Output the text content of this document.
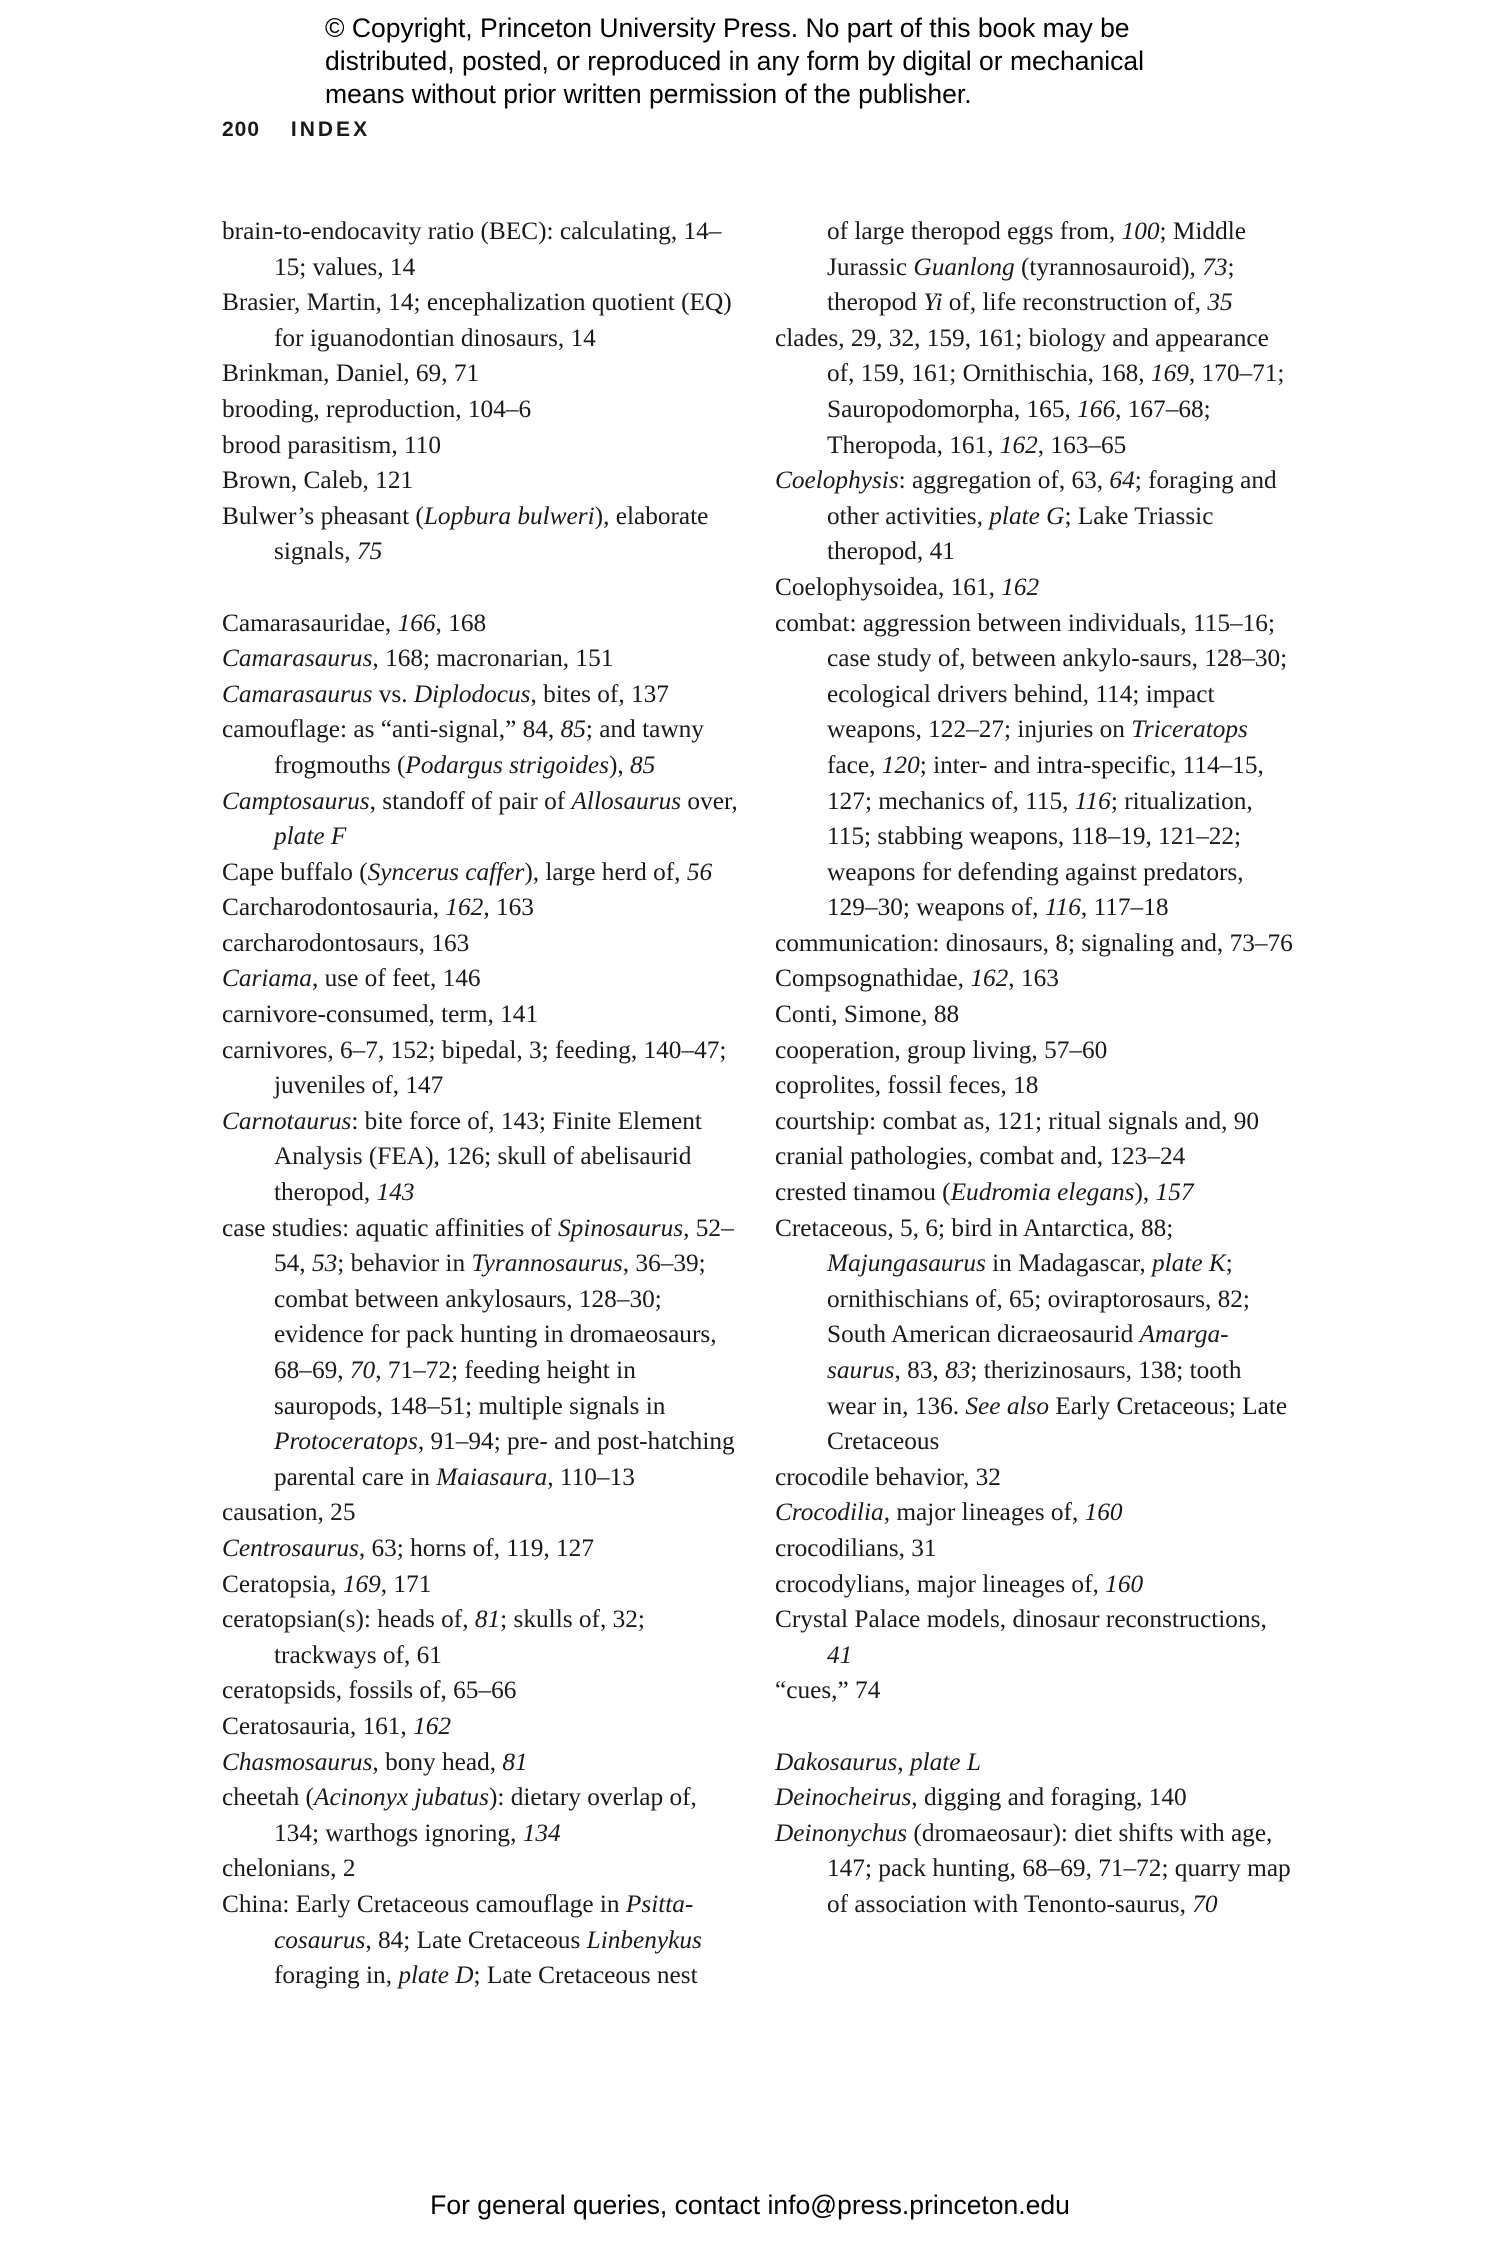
© Copyright, Princeton University Press. No part of this book may be distributed, posted, or reproduced in any form by digital or mechanical means without prior written permission of the publisher.
200 INDEX

brain-to-endocavity ratio (BEC): calculating, 14–15; values, 14

Brasier, Martin, 14; encephalization quotient (EQ) for iguanodontian dinosaurs, 14

Brinkman, Daniel, 69, 71

brooding, reproduction, 104–6

brood parasitism, 110

Brown, Caleb, 121

Bulwer’s pheasant (Lopbura bulweri), elaborate signals, 75

Camarasauridae, 166, 168

Camarasaurus, 168; macronarian, 151

Camarasaurus vs. Diplodocus, bites of, 137

camouflage: as “anti-signal,” 84, 85; and tawny frogmouths (Podargus strigoides), 85

Camptosaurus, standoff of pair of Allosaurus over, plate F

Cape buffalo (Syncerus caffer), large herd of, 56

Carcharodontosauria, 162, 163

carcharodontosaurs, 163

Cariama, use of feet, 146

carnivore-consumed, term, 141

carnivores, 6–7, 152; bipedal, 3; feeding, 140–47; juveniles of, 147

Carnotaurus: bite force of, 143; Finite Element Analysis (FEA), 126; skull of abelisaurid theropod, 143

case studies: aquatic affinities of Spinosaurus, 52–54, 53; behavior in Tyrannosaurus, 36–39; combat between ankylosaurs, 128–30; evidence for pack hunting in dromaeosaurs, 68–69, 70, 71–72; feeding height in sauropods, 148–51; multiple signals in Protoceratops, 91–94; pre- and post-hatching parental care in Maiasaura, 110–13

causation, 25

Centrosaurus, 63; horns of, 119, 127

Ceratopsia, 169, 171

ceratopsian(s): heads of, 81; skulls of, 32; trackways of, 61

ceratopsids, fossils of, 65–66

Ceratosauria, 161, 162

Chasmosaurus, bony head, 81

cheetah (Acinonyx jubatus): dietary overlap of, 134; warthogs ignoring, 134

chelonians, 2

China: Early Cretaceous camouflage in Psitta-cosaurus, 84; Late Cretaceous Linbenykus foraging in, plate D; Late Cretaceous nest

of large theropod eggs from, 100; Middle Jurassic Guanlong (tyrannosauroid), 73; theropod Yi of, life reconstruction of, 35

clades, 29, 32, 159, 161; biology and appearance of, 159, 161; Ornithischia, 168, 169, 170–71; Sauropodomorpha, 165, 166, 167–68; Theropoda, 161, 162, 163–65

Coelophysis: aggregation of, 63, 64; foraging and other activities, plate G; Lake Triassic theropod, 41

Coelophysoidea, 161, 162

combat: aggression between individuals, 115–16; case study of, between ankylo-saurs, 128–30; ecological drivers behind, 114; impact weapons, 122–27; injuries on Triceratops face, 120; inter- and intra-specific, 114–15, 127; mechanics of, 115, 116; ritualization, 115; stabbing weapons, 118–19, 121–22; weapons for defending against predators, 129–30; weapons of, 116, 117–18

communication: dinosaurs, 8; signaling and, 73–76

Compsognathidae, 162, 163

Conti, Simone, 88

cooperation, group living, 57–60

coprolites, fossil feces, 18

courtship: combat as, 121; ritual signals and, 90

cranial pathologies, combat and, 123–24

crested tinamou (Eudromia elegans), 157

Cretaceous, 5, 6; bird in Antarctica, 88; Majungasaurus in Madagascar, plate K; ornithischians of, 65; oviraptorosaurs, 82; South American dicraeosaurid Amarga-saurus, 83, 83; therizinosaurs, 138; tooth wear in, 136. See also Early Cretaceous; Late Cretaceous

crocodile behavior, 32

Crocodilia, major lineages of, 160

crocodilians, 31

crocodylians, major lineages of, 160

Crystal Palace models, dinosaur reconstructions, 41

“cues,” 74

Dakosaurus, plate L

Deinocheirus, digging and foraging, 140

Deinonychus (dromaeosaur): diet shifts with age, 147; pack hunting, 68–69, 71–72; quarry map of association with Tenonto-saurus, 70

For general queries, contact info@press.princeton.edu
